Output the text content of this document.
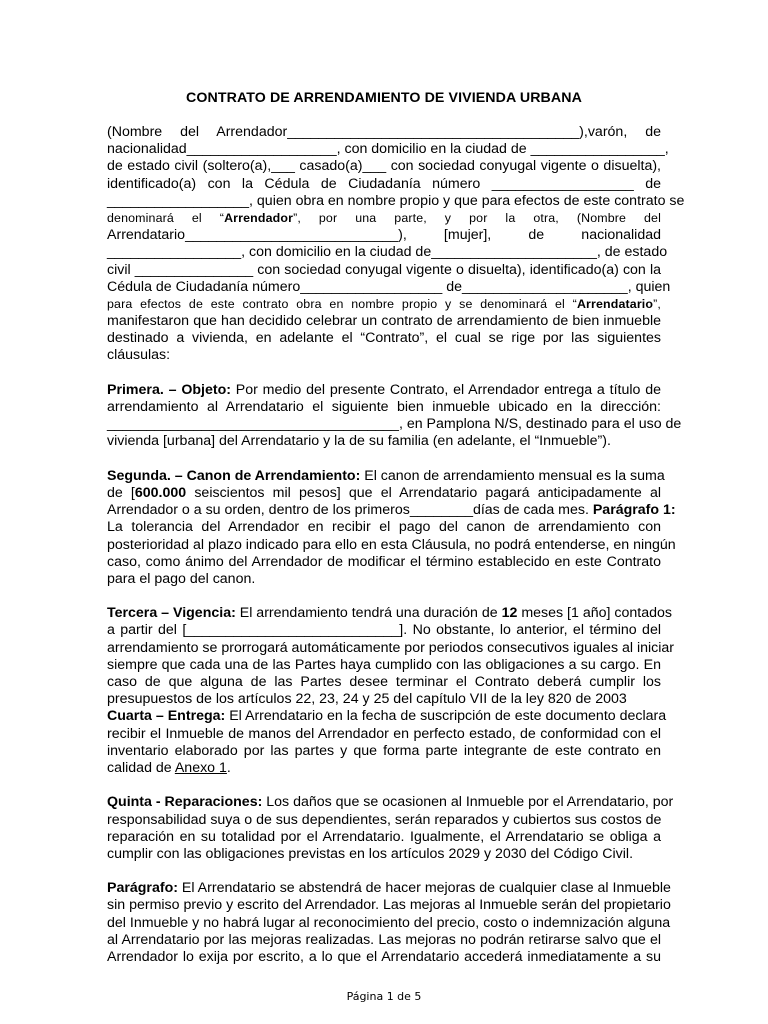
CONTRATO DE ARRENDAMIENTO DE VIVIENDA URBANA
(Nombre del Arrendador_____________________________________),varón, de
nacionalidad___________________, con domicilio en la ciudad de _________________,
de estado civil (soltero(a),___ casado(a)___ con sociedad conyugal vigente o disuelta),
identificado(a) con la Cédula de Ciudadanía número __________________ de
__________________, quien obra en nombre propio y que para efectos de este contrato se
denominará el “Arrendador”, por una parte, y por la otra, (Nombre del
Arrendatario___________________________), [mujer], de nacionalidad
_________________, con domicilio en la ciudad de_____________________, de estado
civil _______________ con sociedad conyugal vigente o disuelta), identificado(a) con la
Cédula de Ciudadanía número__________________ de_____________________, quien
para efectos de este contrato obra en nombre propio y se denominará el “Arrendatario”,
manifestaron que han decidido celebrar un contrato de arrendamiento de bien inmueble
destinado a vivienda, en adelante el “Contrato”, el cual se rige por las siguientes
cláusulas:
Primera. – Objeto: Por medio del presente Contrato, el Arrendador entrega a título de
arrendamiento al Arrendatario el siguiente bien inmueble ubicado en la dirección:
_____________________________________, en Pamplona N/S, destinado para el uso de
vivienda [urbana] del Arrendatario y la de su familia (en adelante, el “Inmueble”).
Segunda. – Canon de Arrendamiento: El canon de arrendamiento mensual es la suma
de [600.000 seiscientos mil pesos] que el Arrendatario pagará anticipadamente al
Arrendador o a su orden, dentro de los primeros________días de cada mes. Parágrafo 1:
La tolerancia del Arrendador en recibir el pago del canon de arrendamiento con
posterioridad al plazo indicado para ello en esta Cláusula, no podrá entenderse, en ningún
caso, como ánimo del Arrendador de modificar el término establecido en este Contrato
para el pago del canon.
Tercera – Vigencia: El arrendamiento tendrá una duración de 12 meses [1 año] contados
a partir del [___________________________]. No obstante, lo anterior, el término del
arrendamiento se prorrogará automáticamente por periodos consecutivos iguales al iniciar
siempre que cada una de las Partes haya cumplido con las obligaciones a su cargo. En
caso de que alguna de las Partes desee terminar el Contrato deberá cumplir los
presupuestos de los artículos 22, 23, 24 y 25 del capítulo VII de la ley 820 de 2003
Cuarta – Entrega: El Arrendatario en la fecha de suscripción de este documento declara
recibir el Inmueble de manos del Arrendador en perfecto estado, de conformidad con el
inventario elaborado por las partes y que forma parte integrante de este contrato en
calidad de Anexo 1.
Quinta - Reparaciones: Los daños que se ocasionen al Inmueble por el Arrendatario, por
responsabilidad suya o de sus dependientes, serán reparados y cubiertos sus costos de
reparación en su totalidad por el Arrendatario. Igualmente, el Arrendatario se obliga a
cumplir con las obligaciones previstas en los artículos 2029 y 2030 del Código Civil.
Parágrafo: El Arrendatario se abstendrá de hacer mejoras de cualquier clase al Inmueble
sin permiso previo y escrito del Arrendador. Las mejoras al Inmueble serán del propietario
del Inmueble y no habrá lugar al reconocimiento del precio, costo o indemnización alguna
al Arrendatario por las mejoras realizadas. Las mejoras no podrán retirarse salvo que el
Arrendador lo exija por escrito, a lo que el Arrendatario accederá inmediatamente a su
Página 1 de 5
